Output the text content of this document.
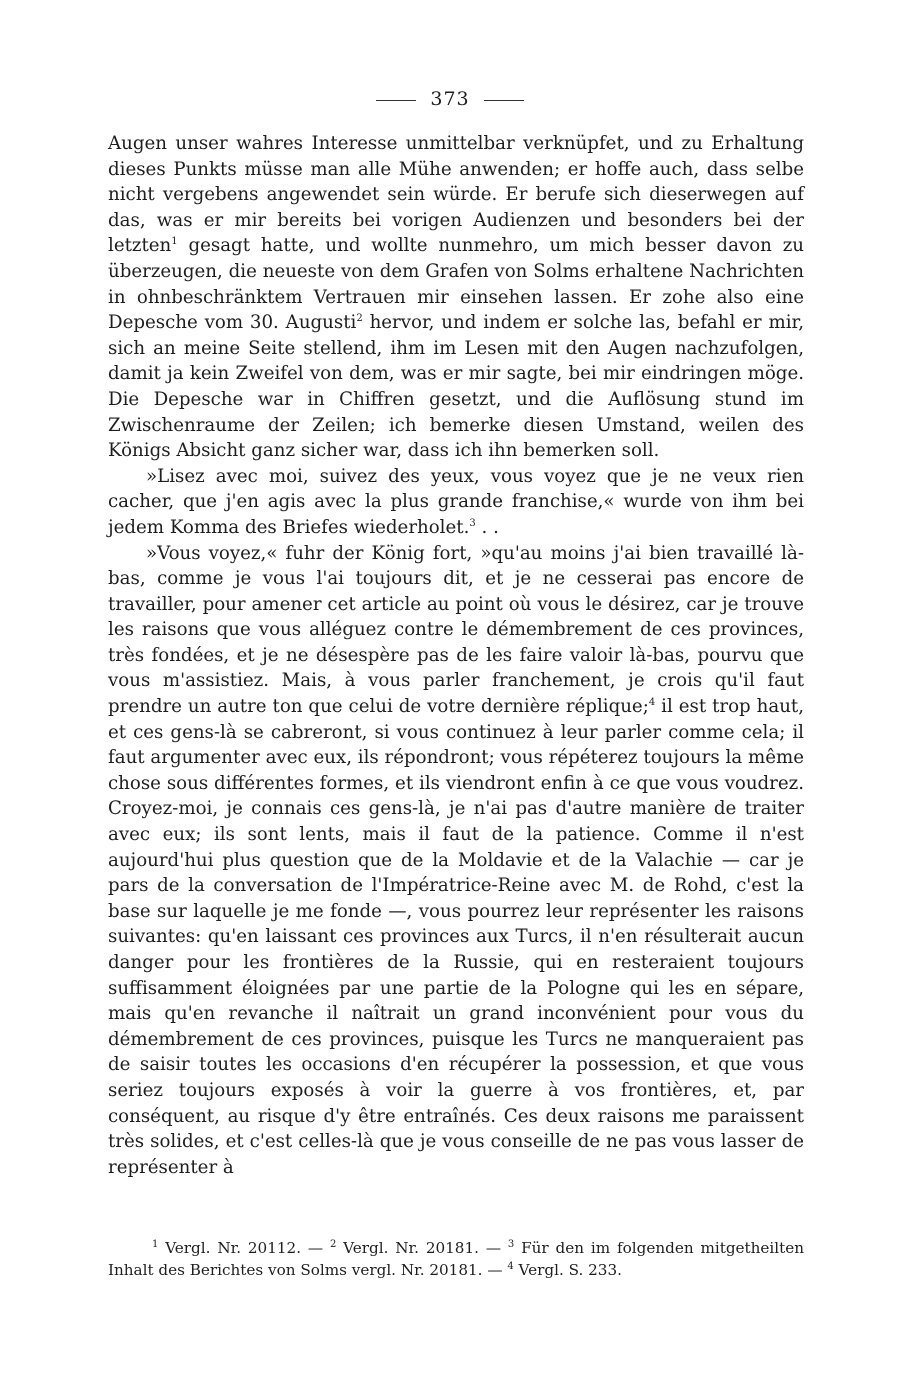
373

Augen unser wahres Interesse unmittelbar verknüpfet, und zu Erhaltung dieses Punkts müsse man alle Mühe anwenden; er hoffe auch, dass selbe nicht vergebens angewendet sein würde. Er berufe sich dieserwegen auf das, was er mir bereits bei vorigen Audienzen und besonders bei der letzten$^1$ gesagt hatte, und wollte nunmehro, um mich besser davon zu überzeugen, die neueste von dem Grafen von Solms erhaltene Nachrichten in ohnbeschränktem Vertrauen mir einsehen lassen. Er zohe also eine Depesche vom 30. Augusti$^2$ hervor, und indem er solche las, befahl er mir, sich an meine Seite stellend, ihm im Lesen mit den Augen nachzufolgen, damit ja kein Zweifel von dem, was er mir sagte, bei mir eindringen möge. Die Depesche war in Chiffren gesetzt, und die Auflösung stund im Zwischenraume der Zeilen; ich bemerke diesen Umstand, weilen des Königs Absicht ganz sicher war, dass ich ihn bemerken soll.

»Lisez avec moi, suivez des yeux, vous voyez que je ne veux rien cacher, que j'en agis avec la plus grande franchise,« wurde von ihm bei jedem Komma des Briefes wiederholet.$^3$ . .

»Vous voyez,« fuhr der König fort, »qu'au moins j'ai bien travaillé là-bas, comme je vous l'ai toujours dit, et je ne cesserai pas encore de travailler, pour amener cet article au point où vous le désirez, car je trouve les raisons que vous alléguez contre le démembrement de ces provinces, très fondées, et je ne désespère pas de les faire valoir là-bas, pourvu que vous m'assistiez. Mais, à vous parler franchement, je crois qu'il faut prendre un autre ton que celui de votre dernière réplique;$^4$ il est trop haut, et ces gens-là se cabreront, si vous continuez à leur parler comme cela; il faut argumenter avec eux, ils répondront; vous répéterez toujours la même chose sous différentes formes, et ils viendront enfin à ce que vous voudrez. Croyez-moi, je connais ces gens-là, je n'ai pas d'autre manière de traiter avec eux; ils sont lents, mais il faut de la patience. Comme il n'est aujourd'hui plus question que de la Moldavie et de la Valachie — car je pars de la conversation de l'Impératrice-Reine avec M. de Rohd, c'est la base sur laquelle je me fonde —, vous pourrez leur représenter les raisons suivantes: qu'en laissant ces provinces aux Turcs, il n'en résulterait aucun danger pour les frontières de la Russie, qui en resteraient toujours suffisamment éloignées par une partie de la Pologne qui les en sépare, mais qu'en revanche il naîtrait un grand inconvénient pour vous du démembrement de ces provinces, puisque les Turcs ne manqueraient pas de saisir toutes les occasions d'en récupérer la possession, et que vous seriez toujours exposés à voir la guerre à vos frontières, et, par conséquent, au risque d'y être entraînés. Ces deux raisons me paraissent très solides, et c'est celles-là que je vous conseille de ne pas vous lasser de représenter à

$^1$ Vergl. Nr. 20112. — $^2$ Vergl. Nr. 20181. — $^3$ Für den im folgenden mitgetheilten Inhalt des Berichtes von Solms vergl. Nr. 20181. — $^4$ Vergl. S. 233.
